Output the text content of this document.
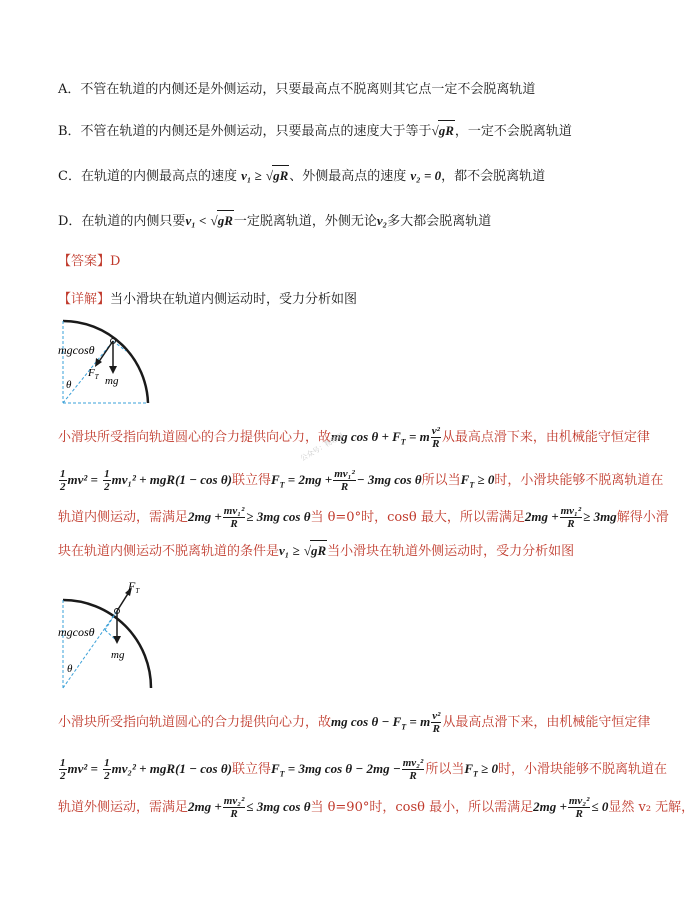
A．不管在轨道的内侧还是外侧运动，只要最高点不脱离则其它点一定不会脱离轨道
B．不管在轨道的内侧还是外侧运动，只要最高点的速度大于等于√gR，一定不会脱离轨道
C．在轨道的内侧最高点的速度 v₁ ≥ √gR、外侧最高点的速度 v₂ = 0，都不会脱离轨道
D．在轨道的内侧只要v₁ < √gR一定脱离轨道，外侧无论v₂多大都会脱离轨道
【答案】D
【详解】当小滑块在轨道内侧运动时，受力分析如图
mgcosθ
$F_T$ mg
θ
小滑块所受指向轨道圆心的合力提供向心力，故mg $\cos \theta + F_T = m \frac{\text{v²}}{R}$ 从最高点滑下来，由机械能守恒定律
$\frac{1}{2} mv^2 = \frac{1}{2} mv_1^2 + mgR(1 - \cos \theta)$联立得$F_T = 2mg + \frac{\text{mv₁²}}{R} - 3mg$ cos θ所以当$F_T \ge 0$时，小滑块能够不脱离轨道在
轨道内侧运动，需满足$2mg + \frac{\text{mv₁²}}{R} \ge 3mg$ cos θ当 θ=0°时，cosθ 最大，所以需满足$2mg + \frac{\text{mv₁²}}{R} \ge 3mg$解得小滑
块在轨道内侧运动不脱离轨道的条件是v₁ ≥ √gR当小滑块在轨道外侧运动时，受力分析如图
$F_T$
mgcosθ
mg
θ
小滑块所受指向轨道圆心的合力提供向心力，故mg $\cos \theta - F_T = m \frac{\text{v²}}{R}$ 从最高点滑下来，由机械能守恒定律
$\frac{1}{2} mv^2 = \frac{1}{2} mv_2^2 + mgR(1 - \cos \theta)$联立得$F_T = 3mg$ $\cos \theta - 2mg - \frac{\text{mv₂²}}{R}$ 所以当$F_T \ge 0$时，小滑块能够不脱离轨道在
轨道外侧运动，需满足$2mg + \frac{\text{mv₂²}}{R} \le 3mg$ cos θ当 θ=90°时，cosθ 最小，所以需满足$2mg + \frac{\text{mv₂²}}{R} \le 0$显然 v₂ 无解，
公众号：物理月
